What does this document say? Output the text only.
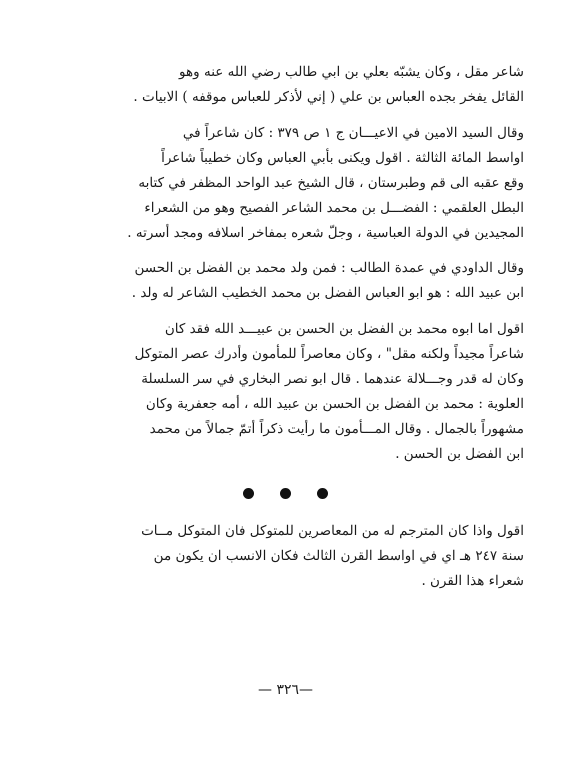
شاعر مقل ، وكان يشبّه بعلي بن ابي طالب رضي الله عنه وهو
القائل يفخر بجده العباس بن علي ( إني لأذكر للعباس موقفه ) الابيات .
وقال السيد الامين في الاعيـــان ج ١ ص ٣٧٩ : كان شاعراً في
اواسط المائة الثالثة . اقول ويكنى بأبي العباس وكان خطيباً شاعراً
وقع عقبه الى قم وطبرستان ، قال الشيخ عبد الواحد المظفر في كتابه
البطل العلقمي : الفضـــل بن محمد الشاعر الفصيح وهو من الشعراء
المجيدين في الدولة العباسية ، وجلّ شعره بمفاخر اسلافه ومجد أسرته .
وقال الداودي في عمدة الطالب : فمن ولد محمد بن الفضل بن الحسن
ابن عبيد الله : هو ابو العباس الفضل بن محمد الخطيب الشاعر له ولد .
اقول اما ابوه محمد بن الفضل بن الحسن بن عبيـــد الله فقد كان
شاعراً مجيداً ولكنه مقل" ، وكان معاصراً للمأمون وأدرك عصر المتوكل
وكان له قدر وجـــلالة عندهما . قال ابو نصر البخاري في سر السلسلة
العلوية : محمد بن الفضل بن الحسن بن عبيد الله ، أمه جعفرية وكان
مشهوراً بالجمال . وقال المـــأمون ما رأيت ذكراً أتمّ جمالاً من محمد
ابن الفضل بن الحسن .
اقول واذا كان المترجم له من المعاصرين للمتوكل فان المتوكل مــات
سنة ٢٤٧ هـ اي في اواسط القرن الثالث فكان الانسب ان يكون من
شعراء هذا القرن .
—٣٢٦ —
